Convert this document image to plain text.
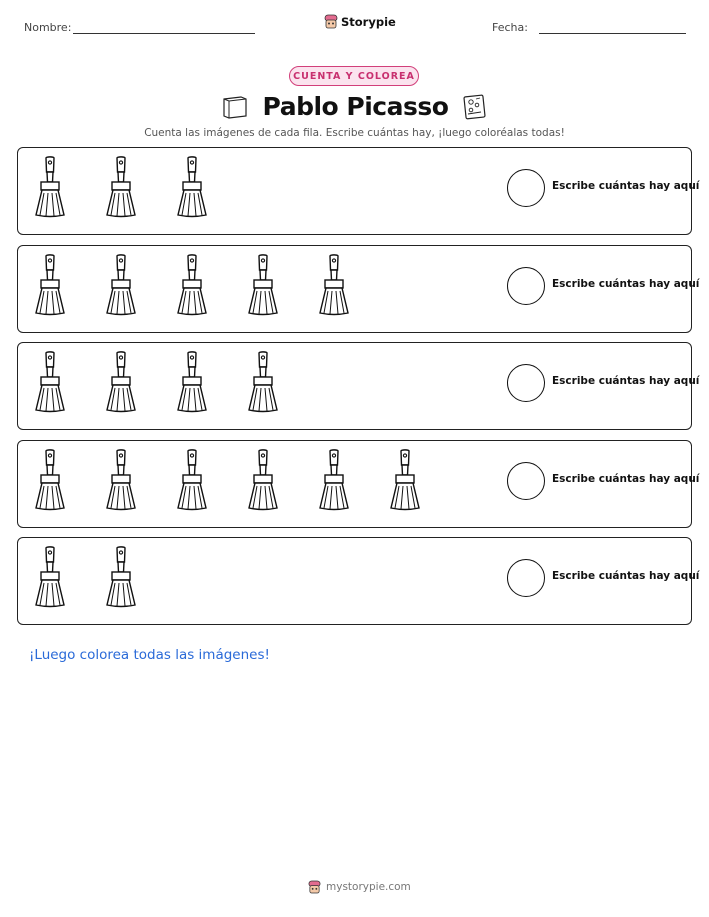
Nombre:	Storypie	Fecha:
CUENTA Y COLOREA
Pablo Picasso
Cuenta las imágenes de cada fila. Escribe cuántas hay, ¡luego coloréalas todas!
Escribe cuántas hay aquí
Escribe cuántas hay aquí
Escribe cuántas hay aquí
Escribe cuántas hay aquí
Escribe cuántas hay aquí
¡Luego colorea todas las imágenes!
mystorypie.com
